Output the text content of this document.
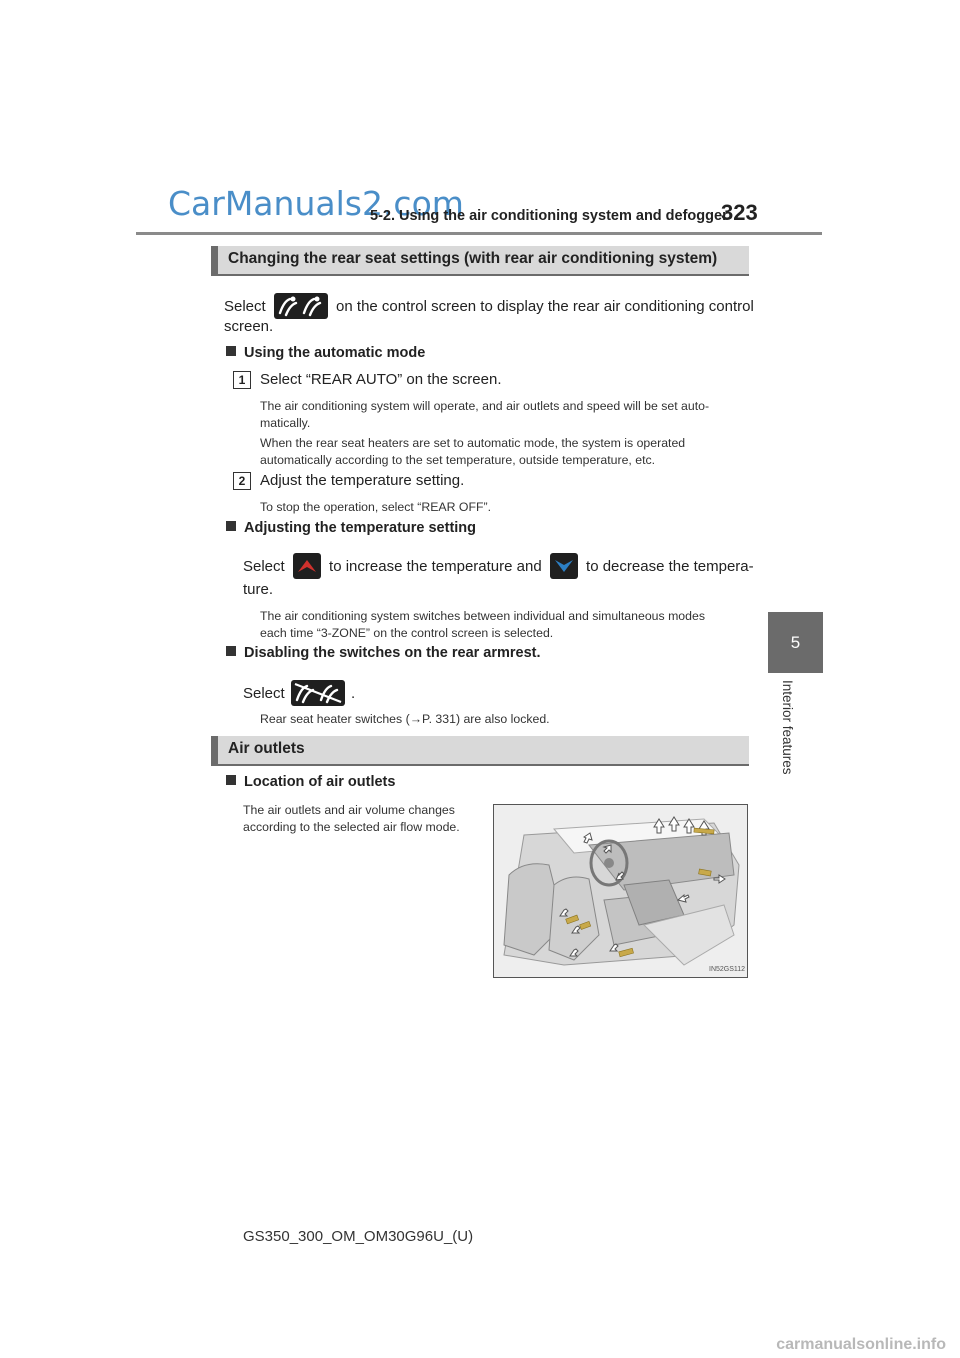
CarManuals2.com
5-2. Using the air conditioning system and defogger
323
5
Interior features
Changing the rear seat settings (with rear air conditioning system)
Select	on the control screen to display the rear air conditioning control
screen.
Using the automatic mode
1 Select “REAR AUTO” on the screen.
The air conditioning system will operate, and air outlets and speed will be set auto-
matically.
When the rear seat heaters are set to automatic mode, the system is operated
automatically according to the set temperature, outside temperature, etc.
2 Adjust the temperature setting.
To stop the operation, select “REAR OFF”.
Adjusting the temperature setting
Select	to increase the temperature and	to decrease the tempera-
ture.
The air conditioning system switches between individual and simultaneous modes
each time “3-ZONE” on the control screen is selected.
Disabling the switches on the rear armrest.
Select	.
Rear seat heater switches (→P. 331) are also locked.
Air outlets
Location of air outlets
The air outlets and air volume changes
according to the selected air flow mode.
IN52GS112
GS350_300_OM_OM30G96U_(U)
carmanualsonline.info
